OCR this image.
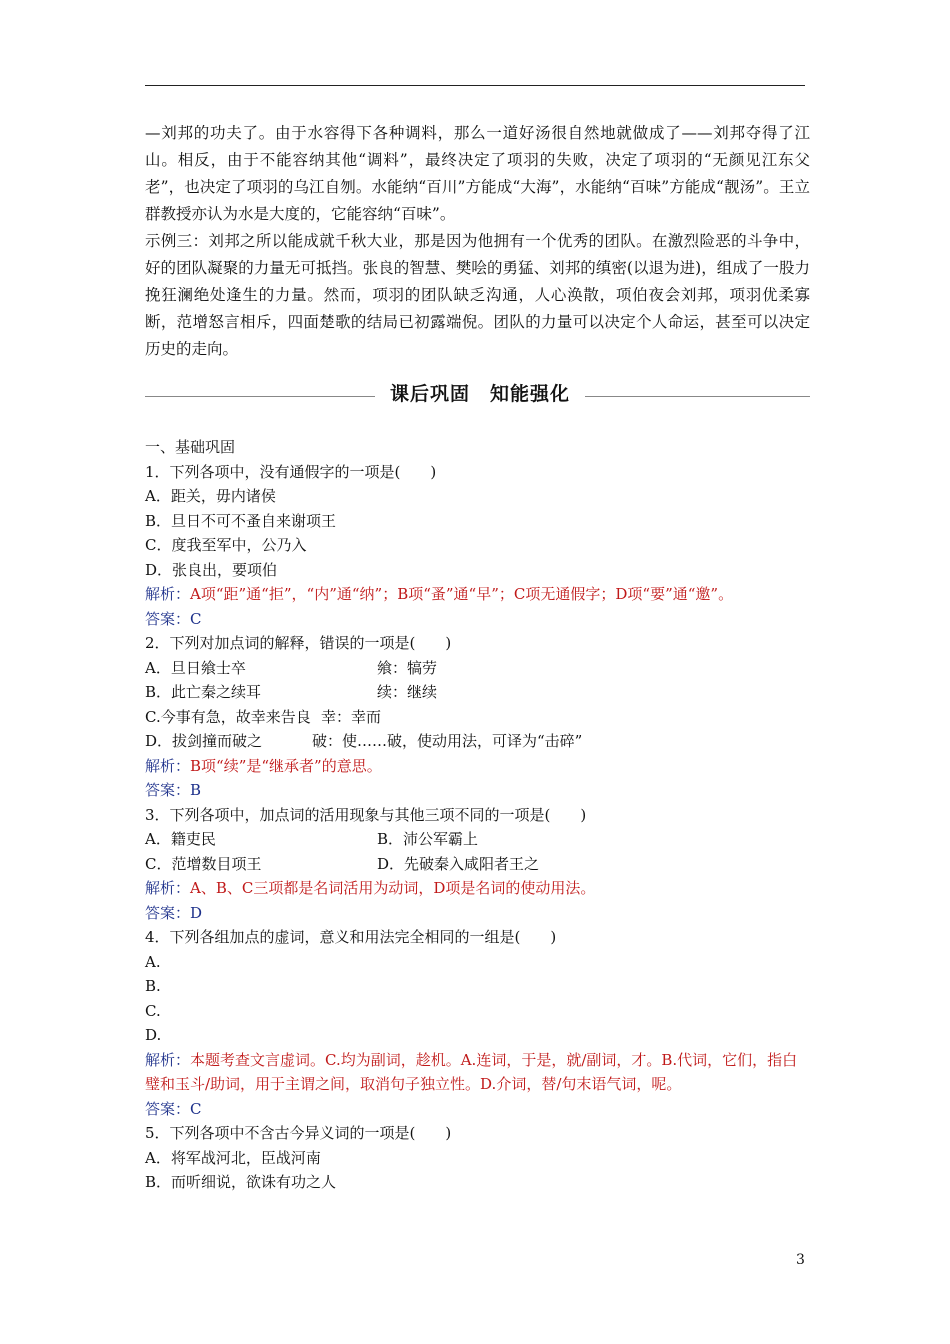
—刘邦的功夫了。由于水容得下各种调料，那么一道好汤很自然地就做成了——刘邦夺得了江山。相反，由于不能容纳其他“调料”，最终决定了项羽的失败，决定了项羽的“无颜见江东父老”，也决定了项羽的乌江自刎。水能纳“百川”方能成“大海”，水能纳“百味”方能成“靓汤”。王立群教授亦认为水是大度的，它能容纳“百味”。

示例三：刘邦之所以能成就千秋大业，那是因为他拥有一个优秀的团队。在激烈险恶的斗争中，好的团队凝聚的力量无可抵挡。张良的智慧、樊哙的勇猛、刘邦的缜密(以退为进)，组成了一股力挽狂澜绝处逢生的力量。然而，项羽的团队缺乏沟通，人心涣散，项伯夜会刘邦，项羽优柔寡断，范增怒言相斥，四面楚歌的结局已初露端倪。团队的力量可以决定个人命运，甚至可以决定历史的走向。

课后巩固　知能强化
一、基础巩固
1．下列各项中，没有通假字的一项是(　　)
A．距关，毋内诸侯
B．旦日不可不蚤自来谢项王
C．度我至军中，公乃入
D．张良出，要项伯
解析：A项“距”通“拒”，“内”通“纳”；B项“蚤”通“早”；C项无通假字；D项“要”通“邀”。
答案：C
2．下列对加点词的解释，错误的一项是(　　)
A．旦日飨士卒	飨：犒劳
B．此亡秦之续耳	续：继续
C.今事有急，故幸来告良 幸：幸而
D．拔剑撞而破之	破：使……破，使动用法，可译为“击碎”
解析：B项“续”是“继承者”的意思。
答案：B
3．下列各项中，加点词的活用现象与其他三项不同的一项是(　　)
A．籍吏民	B．沛公军霸上
C．范增数目项王	D．先破秦入咸阳者王之
解析：A、B、C三项都是名词活用为动词，D项是名词的使动用法。
答案：D
4．下列各组加点的虚词，意义和用法完全相同的一组是(　　)
A.
B.
C.
D.
解析：本题考查文言虚词。C.均为副词，趁机。A.连词，于是，就/副词，才。B.代词，它们，指白璧和玉斗/助词，用于主谓之间，取消句子独立性。D.介词，替/句末语气词，呢。
答案：C
5．下列各项中不含古今异义词的一项是(　　)
A．将军战河北，臣战河南
B．而听细说，欲诛有功之人
3
